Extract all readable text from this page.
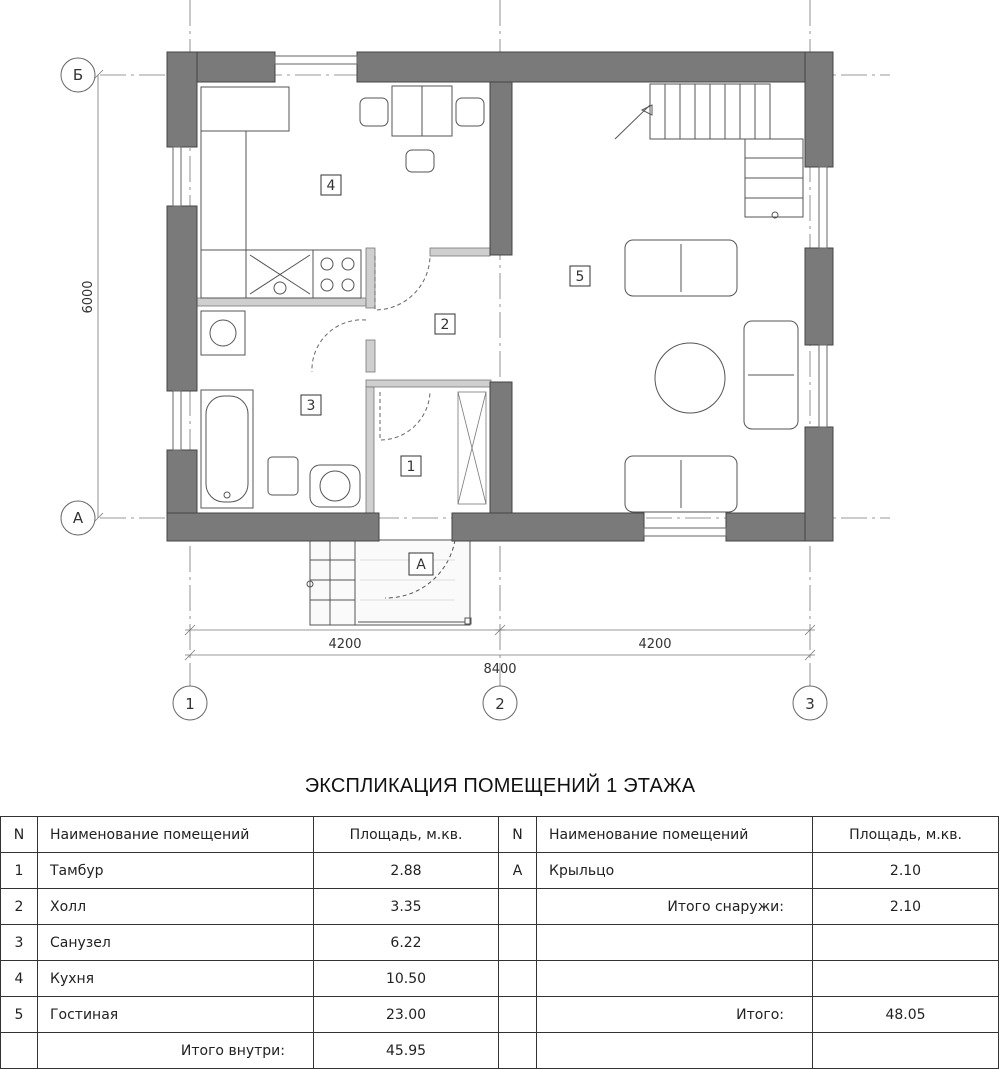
Б
А
1	2	3
6000
4200	4200
8400
4
5
2
3
1
A
ЭКСПЛИКАЦИЯ ПОМЕЩЕНИЙ 1 ЭТАЖА
N	Наименование помещений	Площадь, м.кв.	N	Наименование помещений	Площадь, м.кв.
1	Тамбур	2.88	A	Крыльцо	2.10
2	Холл	3.35		Итого снаружи:	2.10
3	Санузел	6.22			
4	Кухня	10.50			
5	Гостиная	23.00		Итого:	48.05
	Итого внутри:	45.95			
